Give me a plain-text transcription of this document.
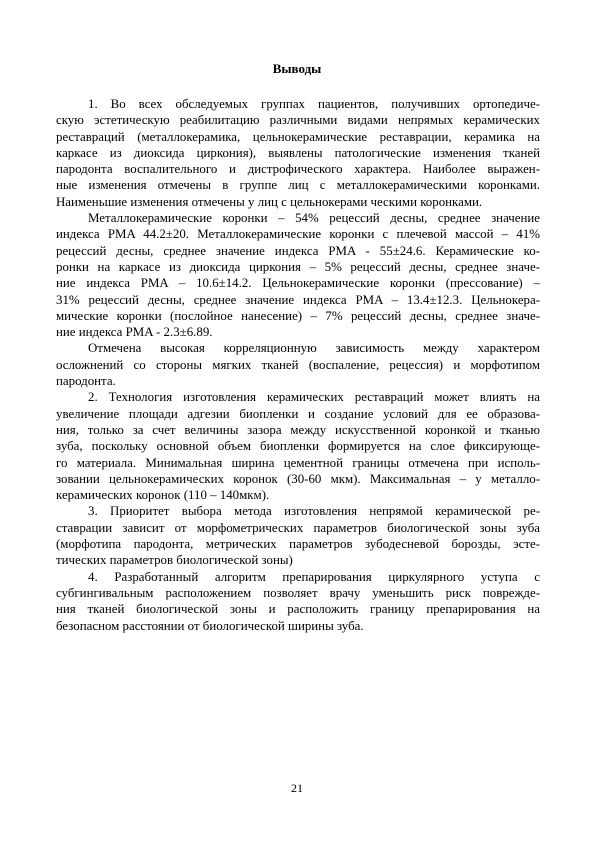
Выводы
1. Во всех обследуемых группах пациентов, получивших ортопедиче-
скую эстетическую реабилитацию различными видами непрямых керамических
реставраций (металлокерамика, цельнокерамические реставрации, керамика на
каркасе из диоксида циркония), выявлены патологические изменения тканей
пародонта воспалительного и дистрофического характера. Наиболее выражен-
ные изменения отмечены в группе лиц с металлокерамическими коронками.
Наименьшие изменения отмечены у лиц с цельнокерами ческими коронками.
Металлокерамические коронки – 54% рецессий десны, среднее значение
индекса PMA 44.2±20. Металлокерамические коронки с плечевой массой – 41%
рецессий десны, среднее значение индекса PMA - 55±24.6. Керамические ко-
ронки на каркасе из диоксида циркония – 5% рецессий десны, среднее значе-
ние индекса PMA – 10.6±14.2. Цельнокерамические коронки (прессование) –
31% рецессий десны, среднее значение индекса PMA – 13.4±12.3. Цельнокера-
мические коронки (послойное нанесение) – 7% рецессий десны, среднее значе-
ние индекса PMA - 2.3±6.89.
Отмечена высокая корреляционную зависимость между характером
осложнений со стороны мягких тканей (воспаление, рецессия) и морфотипом
пародонта.
2. Технология изготовления керамических реставраций может влиять на
увеличение площади адгезии биопленки и создание условий для ее образова-
ния, только за счет величины зазора между искусственной коронкой и тканью
зуба, поскольку основной объем биопленки формируется на слое фиксирующе-
го материала. Минимальная ширина цементной границы отмечена при исполь-
зовании цельнокерамических коронок (30-60 мкм). Максимальная – у металло-
керамических коронок (110 – 140мкм).
3. Приоритет выбора метода изготовления непрямой керамической ре-
ставрации зависит от морфометрических параметров биологической зоны зуба
(морфотипа пародонта, метрических параметров зубодесневой борозды, эсте-
тических параметров биологической зоны)
4. Разработанный алгоритм препарирования циркулярного уступа с
субгингивальным расположением позволяет врачу уменьшить риск поврежде-
ния тканей биологической зоны и расположить границу препарирования на
безопасном расстоянии от биологической ширины зуба.
21
